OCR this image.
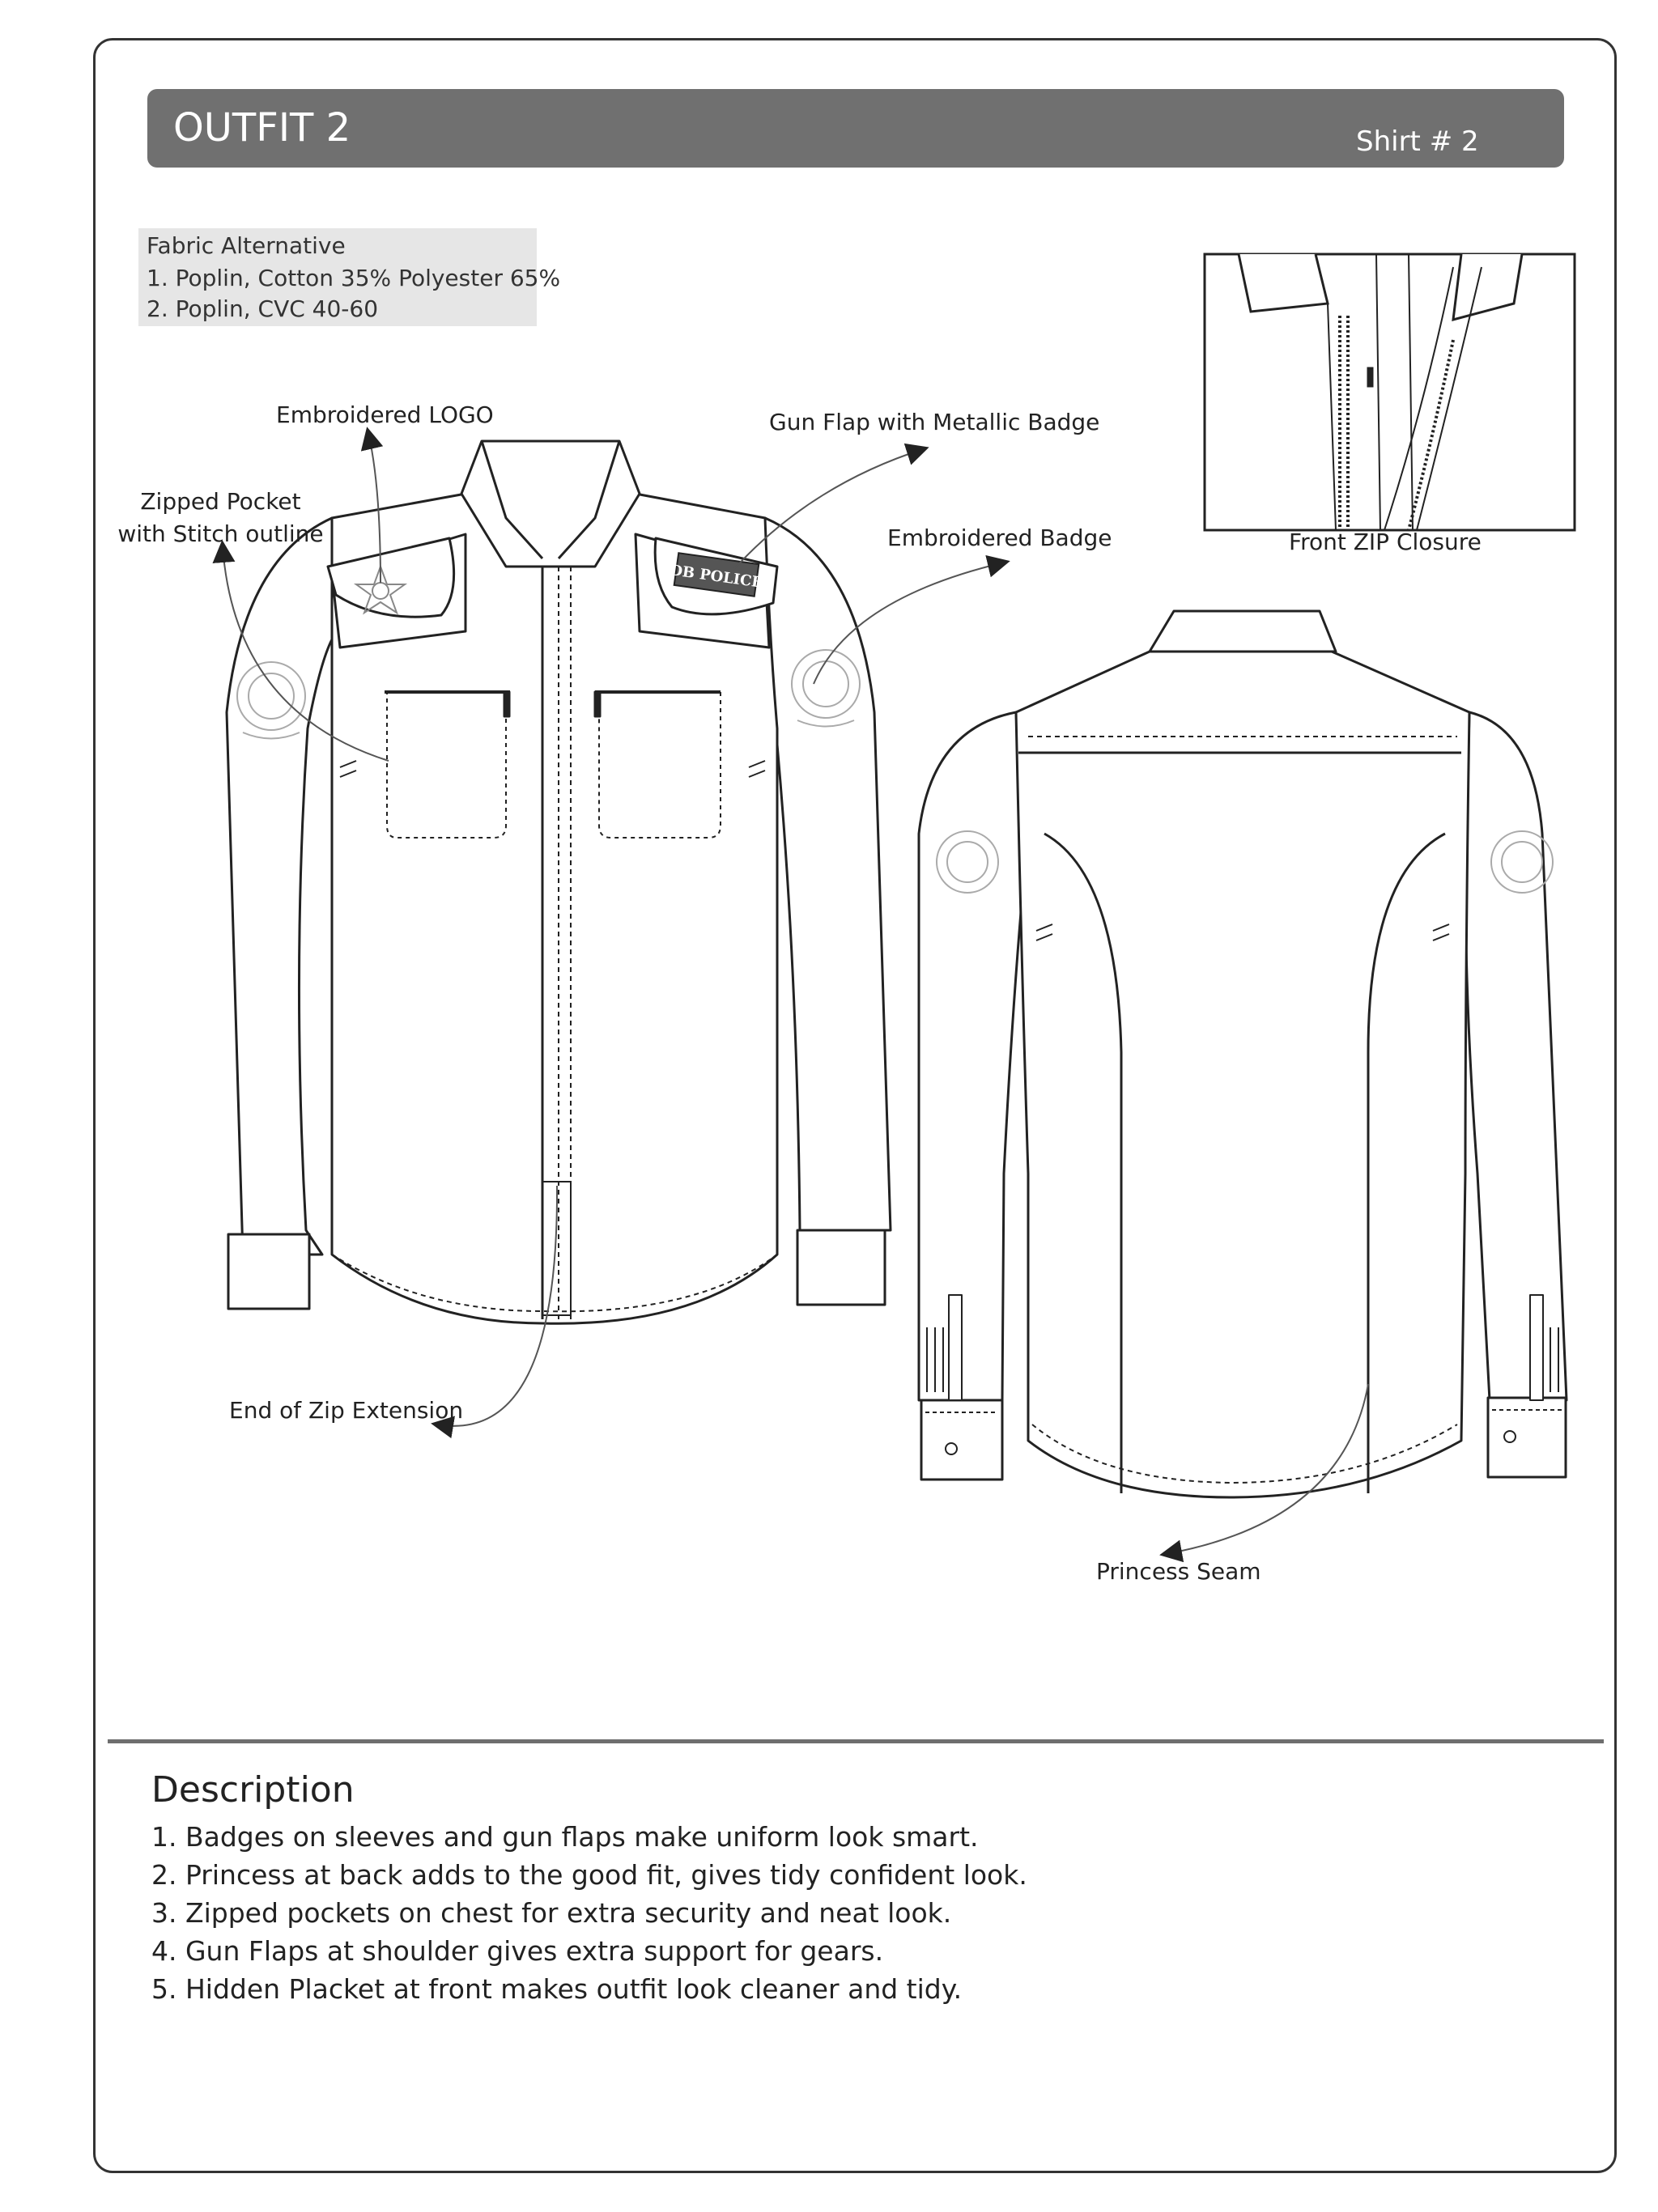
OUTFIT 2	Shirt # 2
Fabric Alternative
1. Poplin, Cotton 35% Polyester 65%
2. Poplin, CVC 40-60
DB POLICE
Embroidered LOGO
Zipped Pocket
with Stitch outline
Gun Flap with Metallic Badge
Embroidered Badge	Front ZIP Closure
End of Zip Extension
Princess Seam
Description
1. Badges on sleeves and gun flaps make uniform look smart.
2. Princess at back adds to the good fit, gives tidy confident look.
3. Zipped pockets on chest for extra security and neat look.
4. Gun Flaps at shoulder gives extra support for gears.
5. Hidden Placket at front makes outfit look cleaner and tidy.
